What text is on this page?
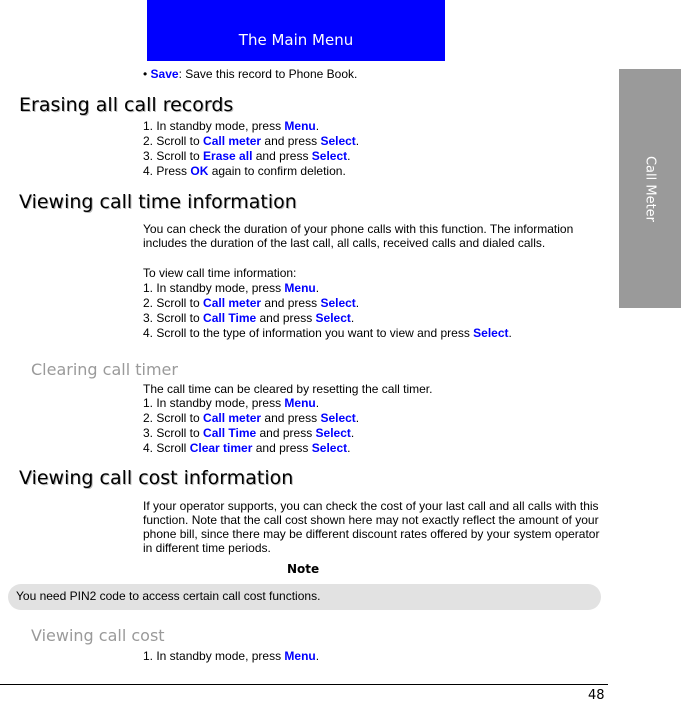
The Main Menu
Call Meter
• Save: Save this record to Phone Book.
Erasing all call records
1. In standby mode, press Menu.
2. Scroll to Call meter and press Select.
3. Scroll to Erase all and press Select.
4. Press OK again to confirm deletion.
Viewing call time information
You can check the duration of your phone calls with this function. The information includes the duration of the last call, all calls, received calls and dialed calls.
To view call time information:
1. In standby mode, press Menu.
2. Scroll to Call meter and press Select.
3. Scroll to Call Time and press Select.
4. Scroll to the type of information you want to view and press Select.
Clearing call timer
The call time can be cleared by resetting the call timer.
1. In standby mode, press Menu.
2. Scroll to Call meter and press Select.
3. Scroll to Call Time and press Select.
4. Scroll Clear timer and press Select.
Viewing call cost information
If your operator supports, you can check the cost of your last call and all calls with this function. Note that the call cost shown here may not exactly reflect the amount of your phone bill, since there may be different discount rates offered by your system operator in different time periods.
Note
You need PIN2 code to access certain call cost functions.
Viewing call cost
1. In standby mode, press Menu.
48
